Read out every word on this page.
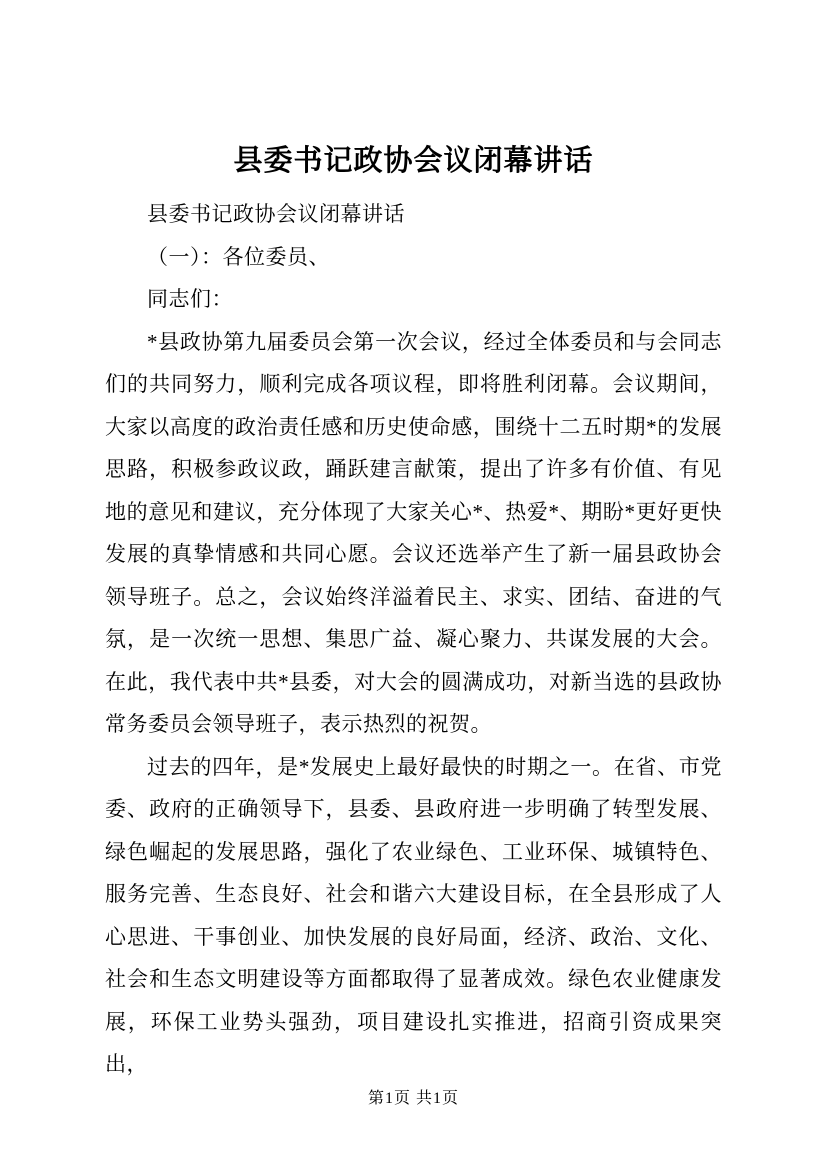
县委书记政协会议闭幕讲话

县委书记政协会议闭幕讲话

（一）：各位委员、

同志们：

*县政协第九届委员会第一次会议，经过全体委员和与会同志们的共同努力，顺利完成各项议程，即将胜利闭幕。会议期间，大家以高度的政治责任感和历史使命感，围绕十二五时期*的发展思路，积极参政议政，踊跃建言献策，提出了许多有价值、有见地的意见和建议，充分体现了大家关心*、热爱*、期盼*更好更快发展的真挚情感和共同心愿。会议还选举产生了新一届县政协会领导班子。总之，会议始终洋溢着民主、求实、团结、奋进的气氛，是一次统一思想、集思广益、凝心聚力、共谋发展的大会。在此，我代表中共*县委，对大会的圆满成功，对新当选的县政协常务委员会领导班子，表示热烈的祝贺。

过去的四年，是*发展史上最好最快的时期之一。在省、市党委、政府的正确领导下，县委、县政府进一步明确了转型发展、绿色崛起的发展思路，强化了农业绿色、工业环保、城镇特色、服务完善、生态良好、社会和谐六大建设目标，在全县形成了人心思进、干事创业、加快发展的良好局面，经济、政治、文化、社会和生态文明建设等方面都取得了显著成效。绿色农业健康发展，环保工业势头强劲，项目建设扎实推进，招商引资成果突出，

第1页 共1页
